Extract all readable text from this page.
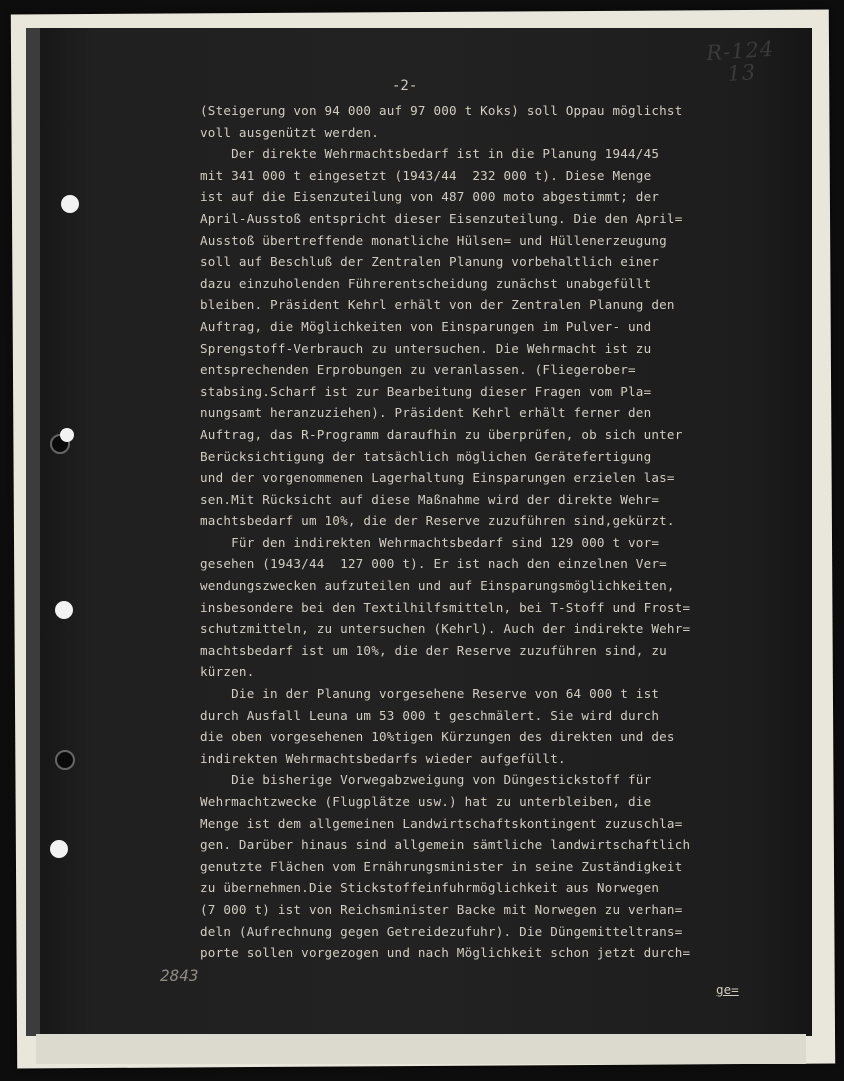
R-124
13
-2-
(Steigerung von 94 000 auf 97 000 t Koks) soll Oppau möglichst
voll ausgenützt werden.
Der direkte Wehrmachtsbedarf ist in die Planung 1944/45
mit 341 000 t eingesetzt (1943/44  232 000 t). Diese Menge
ist auf die Eisenzuteilung von 487 000 moto abgestimmt; der
April-Ausstoß entspricht dieser Eisenzuteilung. Die den April=
Ausstoß übertreffende monatliche Hülsen= und Hüllenerzeugung
soll auf Beschluß der Zentralen Planung vorbehaltlich einer
dazu einzuholenden Führerentscheidung zunächst unabgefüllt
bleiben. Präsident Kehrl erhält von der Zentralen Planung den
Auftrag, die Möglichkeiten von Einsparungen im Pulver- und
Sprengstoff-Verbrauch zu untersuchen. Die Wehrmacht ist zu
entsprechenden Erprobungen zu veranlassen. (Fliegerober=
stabsing.Scharf ist zur Bearbeitung dieser Fragen vom Pla=
nungsamt heranzuziehen). Präsident Kehrl erhält ferner den
Auftrag, das R-Programm daraufhin zu überprüfen, ob sich unter
Berücksichtigung der tatsächlich möglichen Gerätefertigung
und der vorgenommenen Lagerhaltung Einsparungen erzielen las=
sen.Mit Rücksicht auf diese Maßnahme wird der direkte Wehr=
machtsbedarf um 10%, die der Reserve zuzuführen sind,gekürzt.
Für den indirekten Wehrmachtsbedarf sind 129 000 t vor=
gesehen (1943/44  127 000 t). Er ist nach den einzelnen Ver=
wendungszwecken aufzuteilen und auf Einsparungsmöglichkeiten,
insbesondere bei den Textilhilfsmitteln, bei T-Stoff und Frost=
schutzmitteln, zu untersuchen (Kehrl). Auch der indirekte Wehr=
machtsbedarf ist um 10%, die der Reserve zuzuführen sind, zu
kürzen.
Die in der Planung vorgesehene Reserve von 64 000 t ist
durch Ausfall Leuna um 53 000 t geschmälert. Sie wird durch
die oben vorgesehenen 10%tigen Kürzungen des direkten und des
indirekten Wehrmachtsbedarfs wieder aufgefüllt.
Die bisherige Vorwegabzweigung von Düngestickstoff für
Wehrmachtzwecke (Flugplätze usw.) hat zu unterbleiben, die
Menge ist dem allgemeinen Landwirtschaftskontingent zuzuschla=
gen. Darüber hinaus sind allgemein sämtliche landwirtschaftlich
genutzte Flächen vom Ernährungsminister in seine Zuständigkeit
zu übernehmen.Die Stickstoffeinfuhrmöglichkeit aus Norwegen
(7 000 t) ist von Reichsminister Backe mit Norwegen zu verhan=
deln (Aufrechnung gegen Getreidezufuhr). Die Düngemitteltrans=
porte sollen vorgezogen und nach Möglichkeit schon jetzt durch=
2843
ge=
